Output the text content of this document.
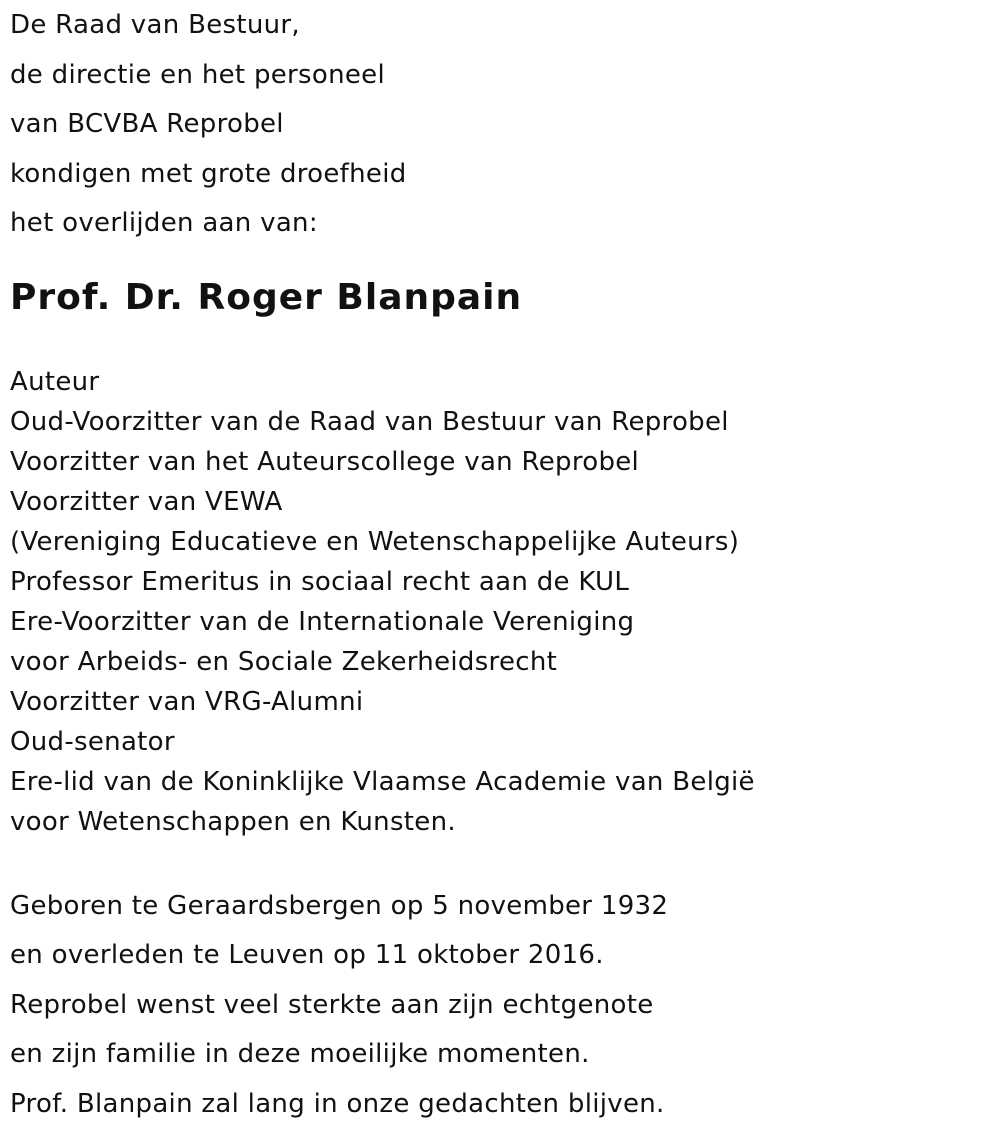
De Raad van Bestuur,

de directie en het personeel

van BCVBA Reprobel

kondigen met grote droefheid

het overlijden aan van:

Prof. Dr. Roger Blanpain

Auteur

Oud-Voorzitter van de Raad van Bestuur van Reprobel

Voorzitter van het Auteurscollege van Reprobel

Voorzitter van VEWA

(Vereniging Educatieve en Wetenschappelijke Auteurs)

Professor Emeritus in sociaal recht aan de KUL

Ere-Voorzitter van de Internationale Vereniging

voor Arbeids- en Sociale Zekerheidsrecht

Voorzitter van VRG-Alumni

Oud-senator

Ere-lid van de Koninklijke Vlaamse Academie van België

voor Wetenschappen en Kunsten.

Geboren te Geraardsbergen op 5 november 1932

en overleden te Leuven op 11 oktober 2016.

Reprobel wenst veel sterkte aan zijn echtgenote

en zijn familie in deze moeilijke momenten.

Prof. Blanpain zal lang in onze gedachten blijven.
